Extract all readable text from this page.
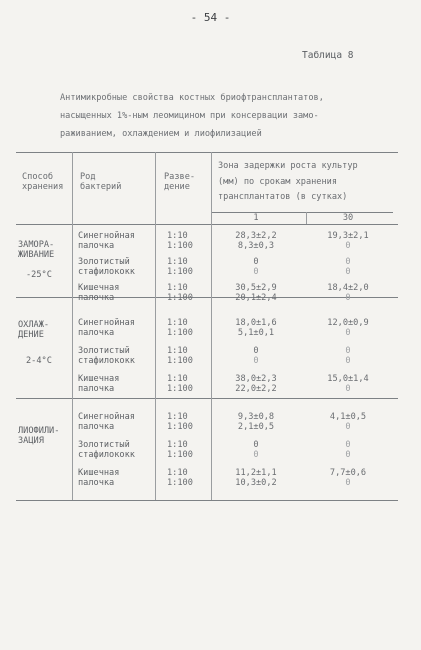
- 54 -
Таблица 8
Антимикробные свойства костных бриофтрансплантатов,
насыщенных 1%-ным леомицином при консервации замо-
раживанием, охлаждением и лиофилизацией
Способ
хранения
Род
бактерий
Разве-
дение
Зона задержки роста культур
(мм) по срокам хранения
трансплантатов (в сутках)
1	30
ЗАМОРА-
ЖИВАНИЕ
-25°C
Синегнойная
палочка
1:10
1:100
28,3±2,2
8,3±0,3
19,3±2,1
0
Золотистый
стафилококк
1:10
1:100
0
0
0
0
Кишечная
палочка
1:10
1:100
30,5±2,9
20,1±2,4
18,4±2,0
0
ОХЛАЖ-
ДЕНИЕ
2-4°C
Синегнойная
палочка
1:10
1:100
18,0±1,6
5,1±0,1
12,0±0,9
0
Золотистый
стафилококк
1:10
1:100
0
0
0
0
Кишечная
палочка
1:10
1:100
38,0±2,3
22,0±2,2
15,0±1,4
0
ЛИОФИЛИ-
ЗАЦИЯ
Синегнойная
палочка
1:10
1:100
9,3±0,8
2,1±0,5
4,1±0,5
0
Золотистый
стафилококк
1:10
1:100
0
0
0
0
Кишечная
палочка
1:10
1:100
11,2±1,1
10,3±0,2
7,7±0,6
0
